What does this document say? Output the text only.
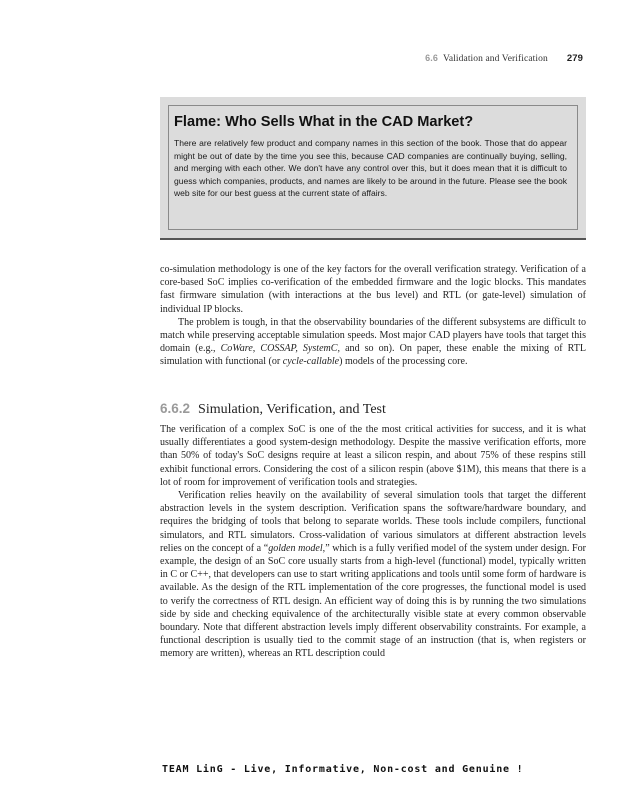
6.6 Validation and Verification 279
Flame: Who Sells What in the CAD Market?

There are relatively few product and company names in this section of the book. Those that do appear might be out of date by the time you see this, because CAD companies are continually buying, selling, and merging with each other. We don't have any control over this, but it does mean that it is difficult to guess which companies, products, and names are likely to be around in the future. Please see the book web site for our best guess at the current state of affairs.

co-simulation methodology is one of the key factors for the overall verification strategy. Verification of a core-based SoC implies co-verification of the embedded firmware and the logic blocks. This mandates fast firmware simulation (with interactions at the bus level) and RTL (or gate-level) simulation of individual IP blocks.

The problem is tough, in that the observability boundaries of the different subsystems are difficult to match while preserving acceptable simulation speeds. Most major CAD players have tools that target this domain (e.g., CoWare, COSSAP, SystemC, and so on). On paper, these enable the mixing of RTL simulation with functional (or cycle-callable) models of the processing core.

6.6.2 Simulation, Verification, and Test

The verification of a complex SoC is one of the the most critical activities for success, and it is what usually differentiates a good system-design methodology. Despite the massive verification efforts, more than 50% of today's SoC designs require at least a silicon respin, and about 75% of these respins still exhibit functional errors. Considering the cost of a silicon respin (above $1M), this means that there is a lot of room for improvement of verification tools and strategies.

Verification relies heavily on the availability of several simulation tools that target the different abstraction levels in the system description. Verification spans the software/hardware boundary, and requires the bridging of tools that belong to separate worlds. These tools include compilers, functional simulators, and RTL simulators. Cross-validation of various simulators at different abstraction levels relies on the concept of a “golden model,” which is a fully verified model of the system under design. For example, the design of an SoC core usually starts from a high-level (functional) model, typically written in C or C++, that developers can use to start writing applications and tools until some form of hardware is available. As the design of the RTL implementation of the core progresses, the functional model is used to verify the correctness of RTL design. An efficient way of doing this is by running the two simulations side by side and checking equivalence of the architecturally visible state at every common observable boundary. Note that different abstraction levels imply different observability constraints. For example, a functional description is usually tied to the commit stage of an instruction (that is, when registers or memory are written), whereas an RTL description could

TEAM LinG - Live, Informative, Non-cost and Genuine !
